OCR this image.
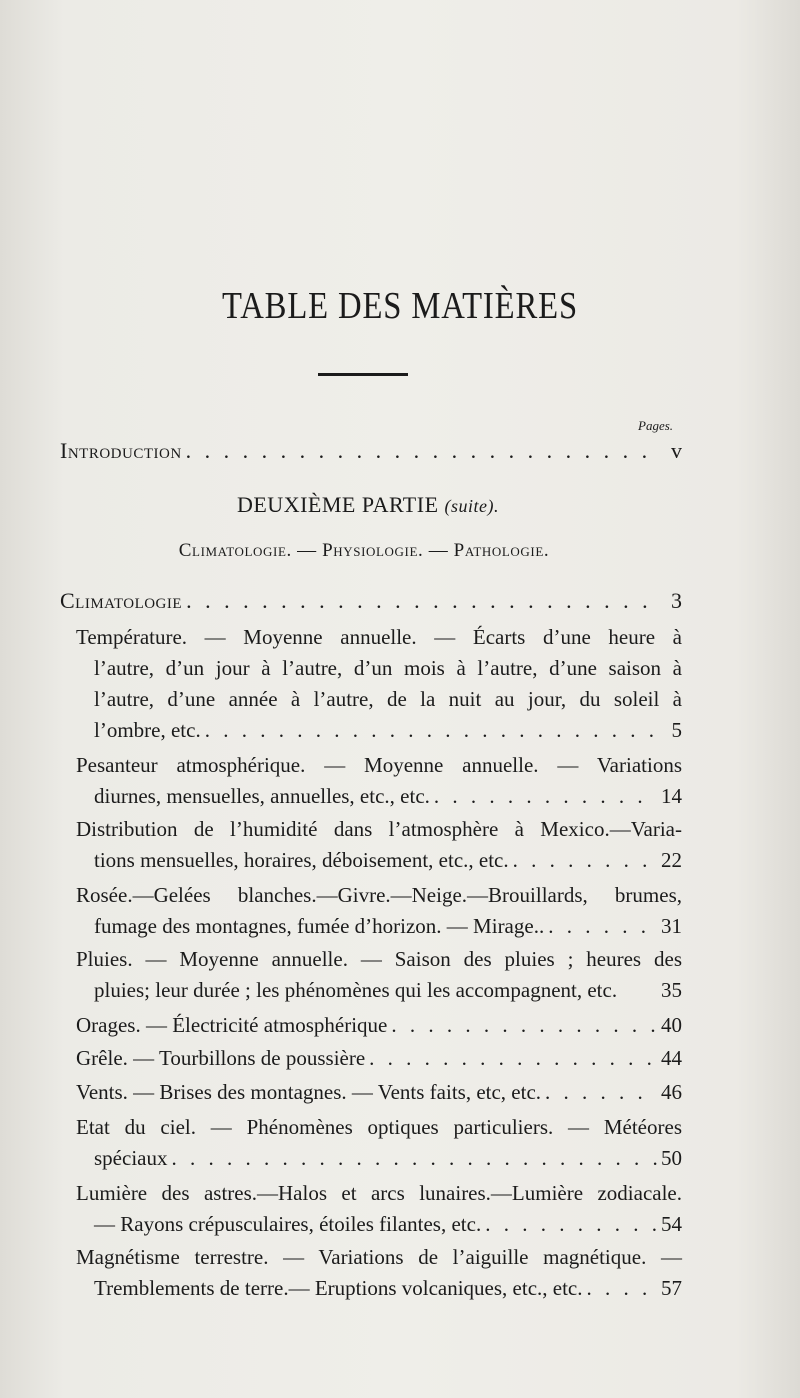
TABLE DES MATIÈRES
Pages.
Introduction . . .	v
DEUXIÈME PARTIE (suite).
Climatologie. — Physiologie. — Pathologie.
Climatologie . . .	3
Température. — Moyenne annuelle. — Écarts d’une heure à
l’autre, d’un jour à l’autre, d’un mois à l’autre, d’une saison à
l’autre, d’une année à l’autre, de la nuit au jour, du soleil à
l’ombre, etc. . . .	5
Pesanteur atmosphérique. — Moyenne annuelle. — Variations
diurnes, mensuelles, annuelles, etc., etc. . . .	14
Distribution de l’humidité dans l’atmosphère à Mexico.—Varia-
tions mensuelles, horaires, déboisement, etc., etc. . . .	22
Rosée.—Gelées blanches.—Givre.—Neige.—Brouillards, brumes,
fumage des montagnes, fumée d’horizon. — Mirage.. . . .	31
Pluies. — Moyenne annuelle. — Saison des pluies ; heures des
pluies; leur durée ; les phénomènes qui les accompagnent, etc. 35
Orages. — Électricité atmosphérique . . .	40
Grêle. — Tourbillons de poussière . . .	44
Vents. — Brises des montagnes. — Vents faits, etc, etc. . . .	46
Etat du ciel. — Phénomènes optiques particuliers. — Météores
spéciaux . . .	50
Lumière des astres.—Halos et arcs lunaires.—Lumière zodiacale.
— Rayons crépusculaires, étoiles filantes, etc. . . .	54
Magnétisme terrestre. — Variations de l’aiguille magnétique. —
Tremblements de terre.— Eruptions volcaniques, etc., etc. . . .	57
